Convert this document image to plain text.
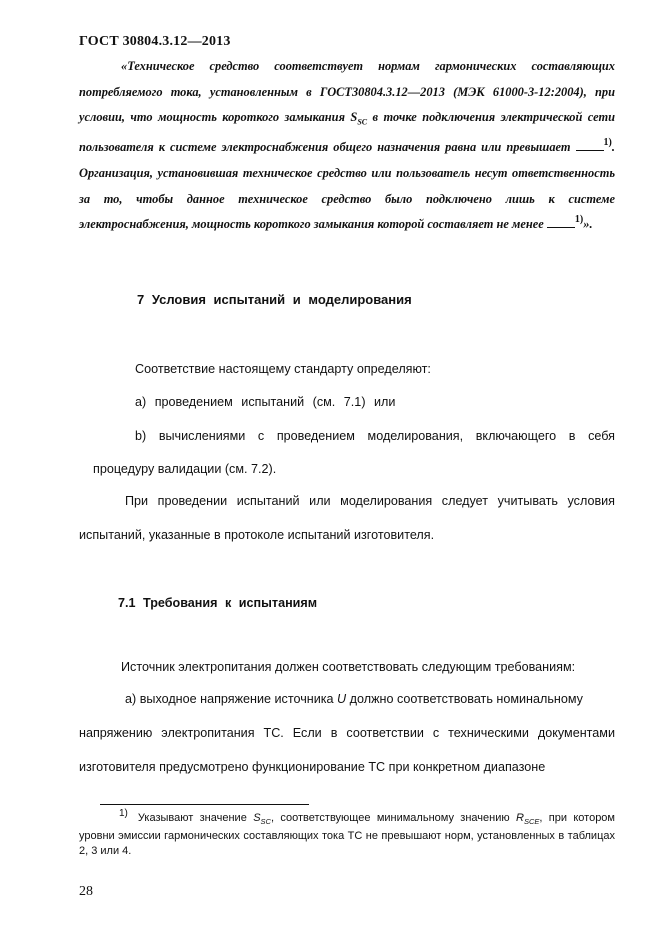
ГОСТ 30804.3.12—2013

«Техническое средство соответствует нормам гармонических составляющих потребляемого тока, установленным в ГОСТ30804.3.12—2013 (МЭК 61000-3-12:2004), при условии, что мощность короткого замыкания $S_{SC}$ в точке подключения электрической сети пользователя к системе электроснабжения общего назначения равна или превышает	$^{1)}$. Организация, установившая техническое средство или пользователь несут ответственность за то, чтобы данное техническое средство было подключено лишь к системе электроснабжения, мощность короткого замыкания которой составляет не менее	$^{1)}$».

7 Условия испытаний и моделирования
Соответствие настоящему стандарту определяют:
а) проведением испытаний (см. 7.1) или
b) вычислениями с проведением моделирования, включающего в себя
процедуру валидации (см. 7.2).
При проведении испытаний или моделирования следует учитывать условия
испытаний, указанные в протоколе испытаний изготовителя.
7.1 Требования к испытаниям
Источник электропитания должен соответствовать следующим требованиям:
а) выходное напряжение источника U должно соответствовать номинальному
напряжению электропитания ТС. Если в соответствии с техническими документами
изготовителя предусмотрено функционирование ТС при конкретном диапазоне

1) Указывают значение $S_{SC}$, соответствующее минимальному значению $R_{SCE}$, при котором уровни эмиссии гармонических составляющих тока ТС не превышают норм, установленных в таблицах 2, 3 или 4.

28
